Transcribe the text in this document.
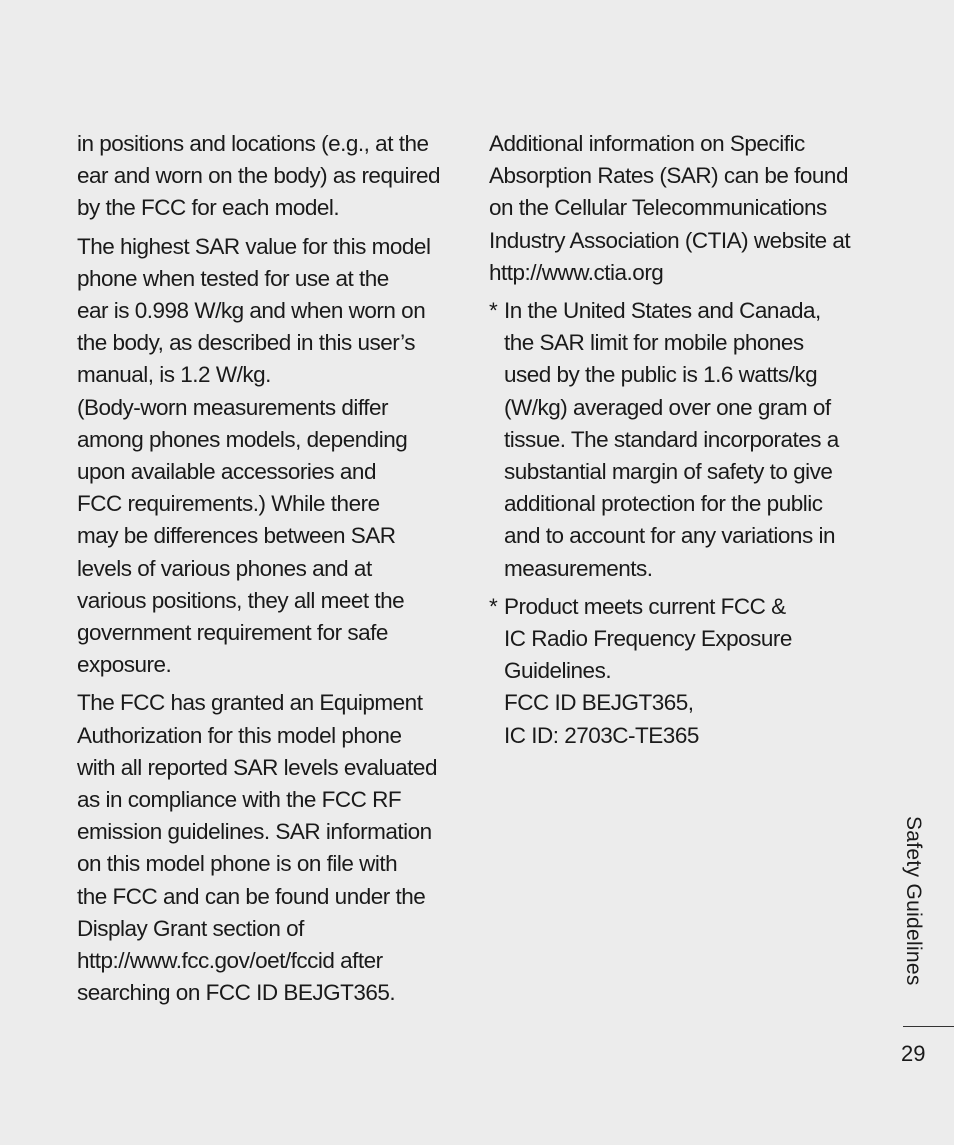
in positions and locations (e.g., at the
ear and worn on the body) as required
by the FCC for each model.

The highest SAR value for this model
phone when tested for use at the
ear is 0.998 W/kg and when worn on
the body, as described in this user’s
manual, is 1.2 W/kg.
(Body-worn measurements differ
among phones models, depending
upon available accessories and
FCC requirements.) While there
may be differences between SAR
levels of various phones and at
various positions, they all meet the
government requirement for safe
exposure.

The FCC has granted an Equipment
Authorization for this model phone
with all reported SAR levels evaluated
as in compliance with the FCC RF
emission guidelines. SAR information
on this model phone is on file with
the FCC and can be found under the
Display Grant section of
http://www.fcc.gov/oet/fccid after
searching on FCC ID BEJGT365.

Additional information on Specific
Absorption Rates (SAR) can be found
on the Cellular Telecommunications
Industry Association (CTIA) website at
http://www.ctia.org

* In the United States and Canada,
the SAR limit for mobile phones
used by the public is 1.6 watts/kg
(W/kg) averaged over one gram of
tissue. The standard incorporates a
substantial margin of safety to give
additional protection for the public
and to account for any variations in
measurements.
* Product meets current FCC &
IC Radio Frequency Exposure
Guidelines.
FCC ID BEJGT365,
IC ID: 2703C-TE365
Safety Guidelines
29
